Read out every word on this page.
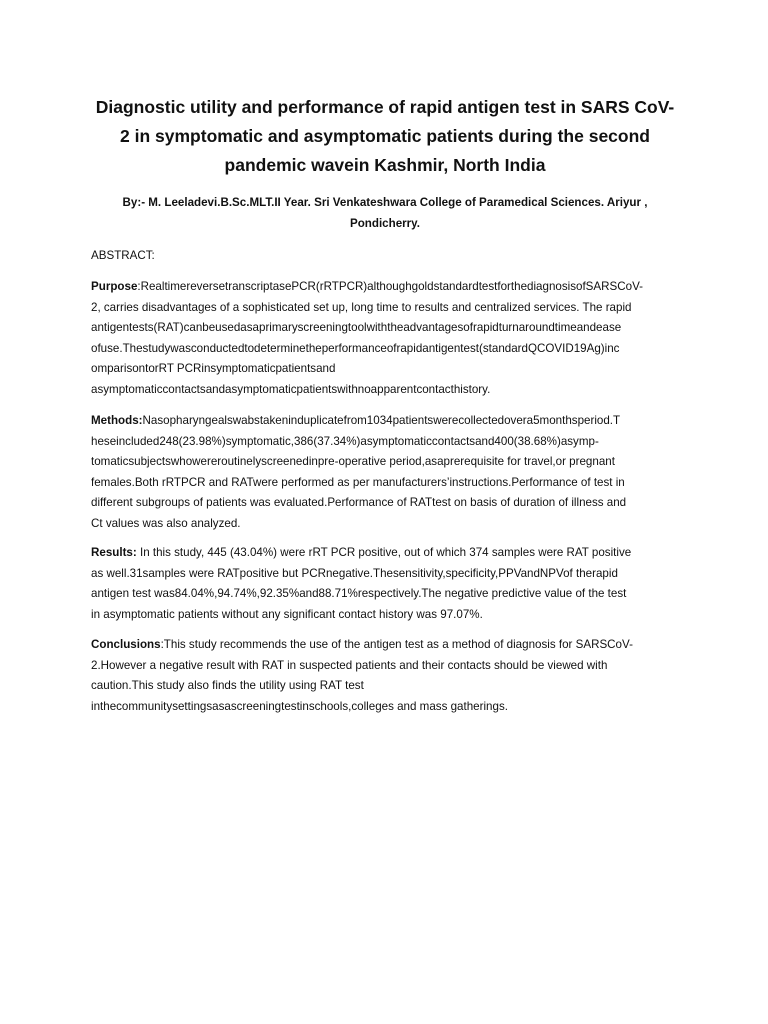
Diagnostic utility and performance of rapid antigen test in SARS CoV-
2 in symptomatic and asymptomatic patients during the second
pandemic wavein Kashmir, North India

By:- M. Leeladevi.B.Sc.MLT.II Year. Sri Venkateshwara College of Paramedical Sciences. Ariyur ,
Pondicherry.

ABSTRACT:

Purpose:RealtimereversetranscriptasePCR(rRTPCR)althoughgoldstandardtestforthediagnosisofSARSCoV-
2, carries disadvantages of a sophisticated set up, long time to results and centralized services. The rapid
antigentests(RAT)canbeusedasaprimaryscreeningtoolwiththeadvantagesofrapidturnaroundtimeandease
ofuse.Thestudywasconductedtodeterminetheperformanceofrapidantigentest(standardQCOVID19Ag)inc
omparisontorRT PCRinsymptomaticpatientsand
asymptomaticcontactsandasymptomaticpatientswithnoapparentcontacthistory.
Methods:Nasopharyngealswabstakeninduplicatefrom1034patientswerecollectedovera5monthsperiod.T
heseincluded248(23.98%)symptomatic,386(37.34%)asymptomaticcontactsand400(38.68%)asymp-
tomaticsubjectswhowereroutinelyscreenedinpre-operative period,asaprerequisite for travel,or pregnant
females.Both rRTPCR and RATwere performed as per manufacturers’instructions.Performance of test in
different subgroups of patients was evaluated.Performance of RATtest on basis of duration of illness and
Ct values was also analyzed.
Results: In this study, 445 (43.04%) were rRT PCR positive, out of which 374 samples were RAT positive
as well.31samples were RATpositive but PCRnegative.Thesensitivity,specificity,PPVandNPVof therapid
antigen test was84.04%,94.74%,92.35%and88.71%respectively.The negative predictive value of the test
in asymptomatic patients without any significant contact history was 97.07%.
Conclusions:This study recommends the use of the antigen test as a method of diagnosis for SARSCoV-
2.However a negative result with RAT in suspected patients and their contacts should be viewed with
caution.This study also finds the utility using RAT test
inthecommunitysettingsasascreeningtestinschools,colleges and mass gatherings.
